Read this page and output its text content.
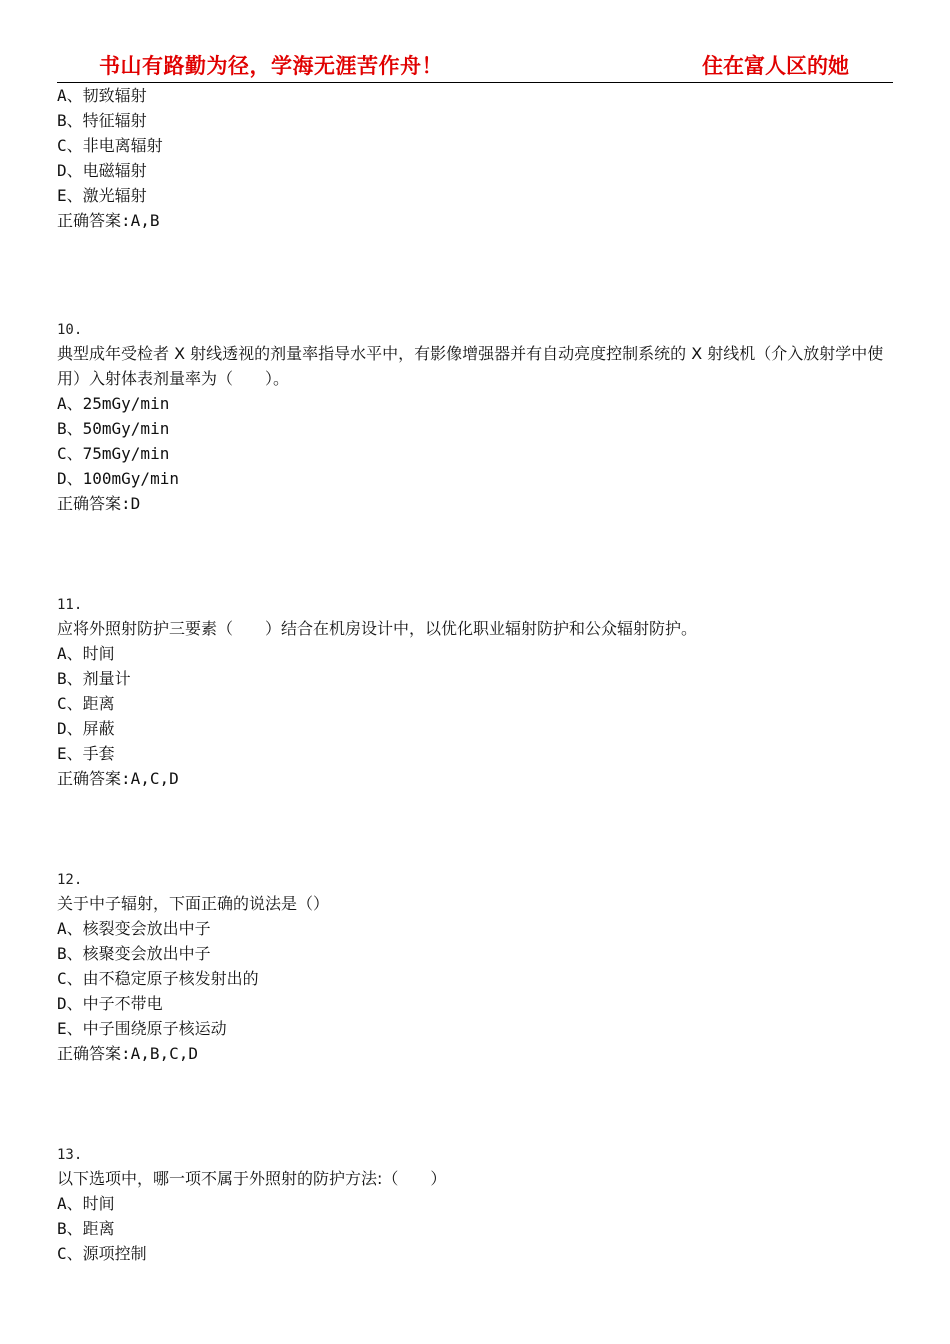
书山有路勤为径，学海无涯苦作舟！	住在富人区的她
A、韧致辐射
B、特征辐射
C、非电离辐射
D、电磁辐射
E、激光辐射
正确答案:A,B
10.
典型成年受检者 X 射线透视的剂量率指导水平中，有影像增强器并有自动亮度控制系统的 X 射线机（介入放射学中使用）入射体表剂量率为（　　）。
A、25mGy/min
B、50mGy/min
C、75mGy/min
D、100mGy/min
正确答案:D
11.
应将外照射防护三要素（　　）结合在机房设计中，以优化职业辐射防护和公众辐射防护。
A、时间
B、剂量计
C、距离
D、屏蔽
E、手套
正确答案:A,C,D
12.
关于中子辐射，下面正确的说法是（）
A、核裂变会放出中子
B、核聚变会放出中子
C、由不稳定原子核发射出的
D、中子不带电
E、中子围绕原子核运动
正确答案:A,B,C,D
13.
以下选项中，哪一项不属于外照射的防护方法:（　　）
A、时间
B、距离
C、源项控制
